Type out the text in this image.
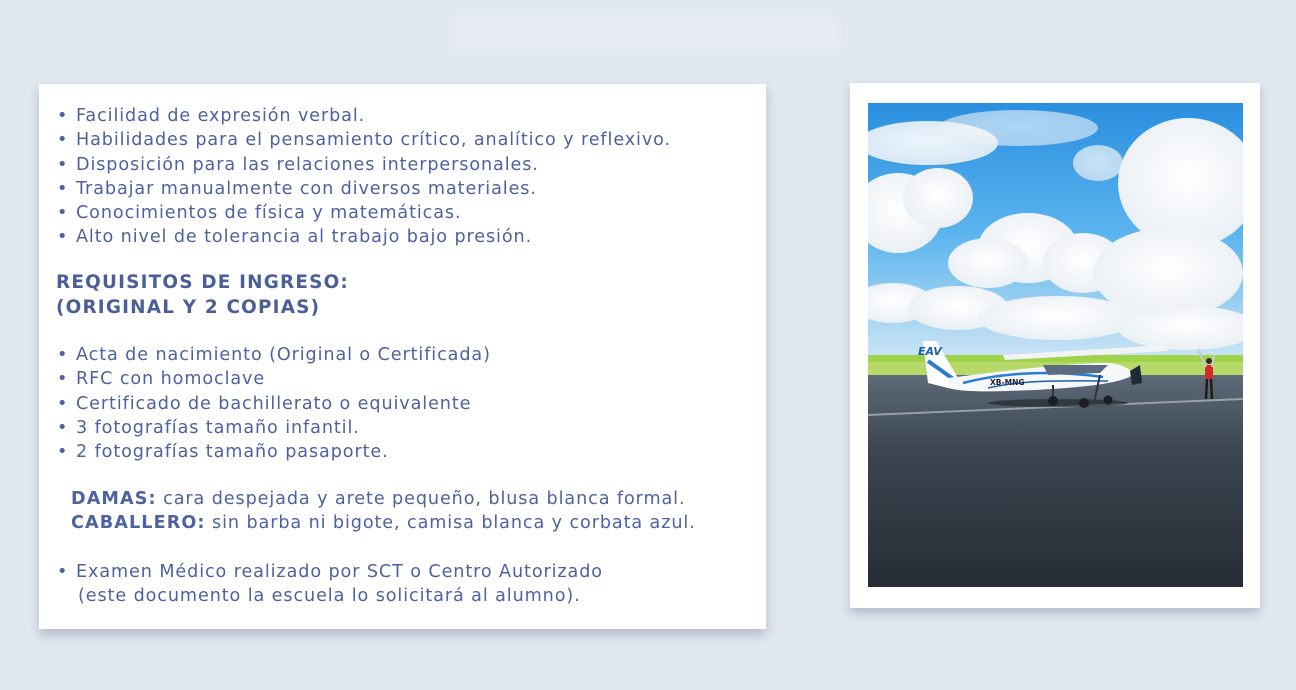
• Facilidad de expresión verbal.
• Habilidades para el pensamiento crítico, analítico y reflexivo.
• Disposición para las relaciones interpersonales.
• Trabajar manualmente con diversos materiales.
• Conocimientos de física y matemáticas.
• Alto nivel de tolerancia al trabajo bajo presión.
REQUISITOS DE INGRESO:
(ORIGINAL Y 2 COPIAS)
• Acta de nacimiento (Original o Certificada)
• RFC con homoclave
• Certificado de bachillerato o equivalente
• 3 fotografías tamaño infantil.
• 2 fotografías tamaño pasaporte.

DAMAS: cara despejada y arete pequeño, blusa blanca formal.

CABALLERO: sin barba ni bigote, camisa blanca y corbata azul.

• Examen Médico realizado por SCT o Centro Autorizado

(este documento la escuela lo solicitará al alumno).

EAV
XB-MNG
